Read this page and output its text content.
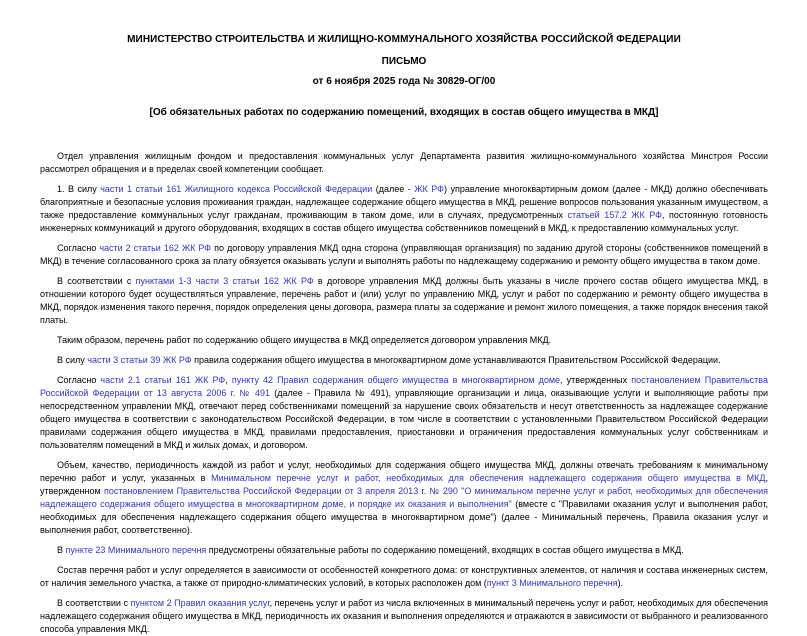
МИНИСТЕРСТВО СТРОИТЕЛЬСТВА И ЖИЛИЩНО-КОММУНАЛЬНОГО ХОЗЯЙСТВА РОССИЙСКОЙ ФЕДЕРАЦИИ
ПИСЬМО
от 6 ноября 2025 года № 30829-ОГ/00
[Об обязательных работах по содержанию помещений, входящих в состав общего имущества в МКД]

Отдел управления жилищным фондом и предоставления коммунальных услуг Департамента развития жилищно-коммунального хозяйства Минстроя России рассмотрел обращения и в пределах своей компетенции сообщает.

1. В силу части 1 статьи 161 Жилищного кодекса Российской Федерации (далее - ЖК РФ) управление многоквартирным домом (далее - МКД) должно обеспечивать благоприятные и безопасные условия проживания граждан, надлежащее содержание общего имущества в МКД, решение вопросов пользования указанным имуществом, а также предоставление коммунальных услуг гражданам, проживающим в таком доме, или в случаях, предусмотренных статьей 157.2 ЖК РФ, постоянную готовность инженерных коммуникаций и другого оборудования, входящих в состав общего имущества собственников помещений в МКД, к предоставлению коммунальных услуг.

Согласно части 2 статьи 162 ЖК РФ по договору управления МКД одна сторона (управляющая организация) по заданию другой стороны (собственников помещений в МКД) в течение согласованного срока за плату обязуется оказывать услуги и выполнять работы по надлежащему содержанию и ремонту общего имущества в таком доме.

В соответствии с пунктами 1-3 части 3 статьи 162 ЖК РФ в договоре управления МКД должны быть указаны в числе прочего состав общего имущества МКД, в отношении которого будет осуществляться управление, перечень работ и (или) услуг по управлению МКД, услуг и работ по содержанию и ремонту общего имущества в МКД, порядок изменения такого перечня, порядок определения цены договора, размера платы за содержание и ремонт жилого помещения, а также порядок внесения такой платы.

Таким образом, перечень работ по содержанию общего имущества в МКД определяется договором управления МКД.

В силу части 3 статьи 39 ЖК РФ правила содержания общего имущества в многоквартирном доме устанавливаются Правительством Российской Федерации.

Согласно части 2.1 статьи 161 ЖК РФ, пункту 42 Правил содержания общего имущества в многоквартирном доме, утвержденных постановлением Правительства Российской Федерации от 13 августа 2006 г. № 491 (далее - Правила № 491), управляющие организации и лица, оказывающие услуги и выполняющие работы при непосредственном управлении МКД, отвечают перед собственниками помещений за нарушение своих обязательств и несут ответственность за надлежащее содержание общего имущества в соответствии с законодательством Российской Федерации, в том числе в соответствии с установленными Правительством Российской Федерации правилами содержания общего имущества в МКД, правилами предоставления, приостановки и ограничения предоставления коммунальных услуг собственникам и пользователям помещений в МКД и жилых домах, и договором.

Объем, качество, периодичность каждой из работ и услуг, необходимых для содержания общего имущества МКД, должны отвечать требованиям к минимальному перечню работ и услуг, указанных в Минимальном перечне услуг и работ, необходимых для обеспечения надлежащего содержания общего имущества в МКД, утвержденном постановлением Правительства Российской Федерации от 3 апреля 2013 г. № 290 "О минимальном перечне услуг и работ, необходимых для обеспечения надлежащего содержания общего имущества в многоквартирном доме, и порядке их оказания и выполнения" (вместе с "Правилами оказания услуг и выполнения работ, необходимых для обеспечения надлежащего содержания общего имущества в многоквартирном доме") (далее - Минимальный перечень, Правила оказания услуг и выполнения работ, соответственно).

В пункте 23 Минимального перечня предусмотрены обязательные работы по содержанию помещений, входящих в состав общего имущества в МКД.

Состав перечня работ и услуг определяется в зависимости от особенностей конкретного дома: от конструктивных элементов, от наличия и состава инженерных систем, от наличия земельного участка, а также от природно-климатических условий, в которых расположен дом (пункт 3 Минимального перечня).

В соответствии с пунктом 2 Правил оказания услуг, перечень услуг и работ из числа включенных в минимальный перечень услуг и работ, необходимых для обеспечения надлежащего содержания общего имущества в МКД, периодичность их оказания и выполнения определяются и отражаются в зависимости от выбранного и реализованного способа управления МКД.
